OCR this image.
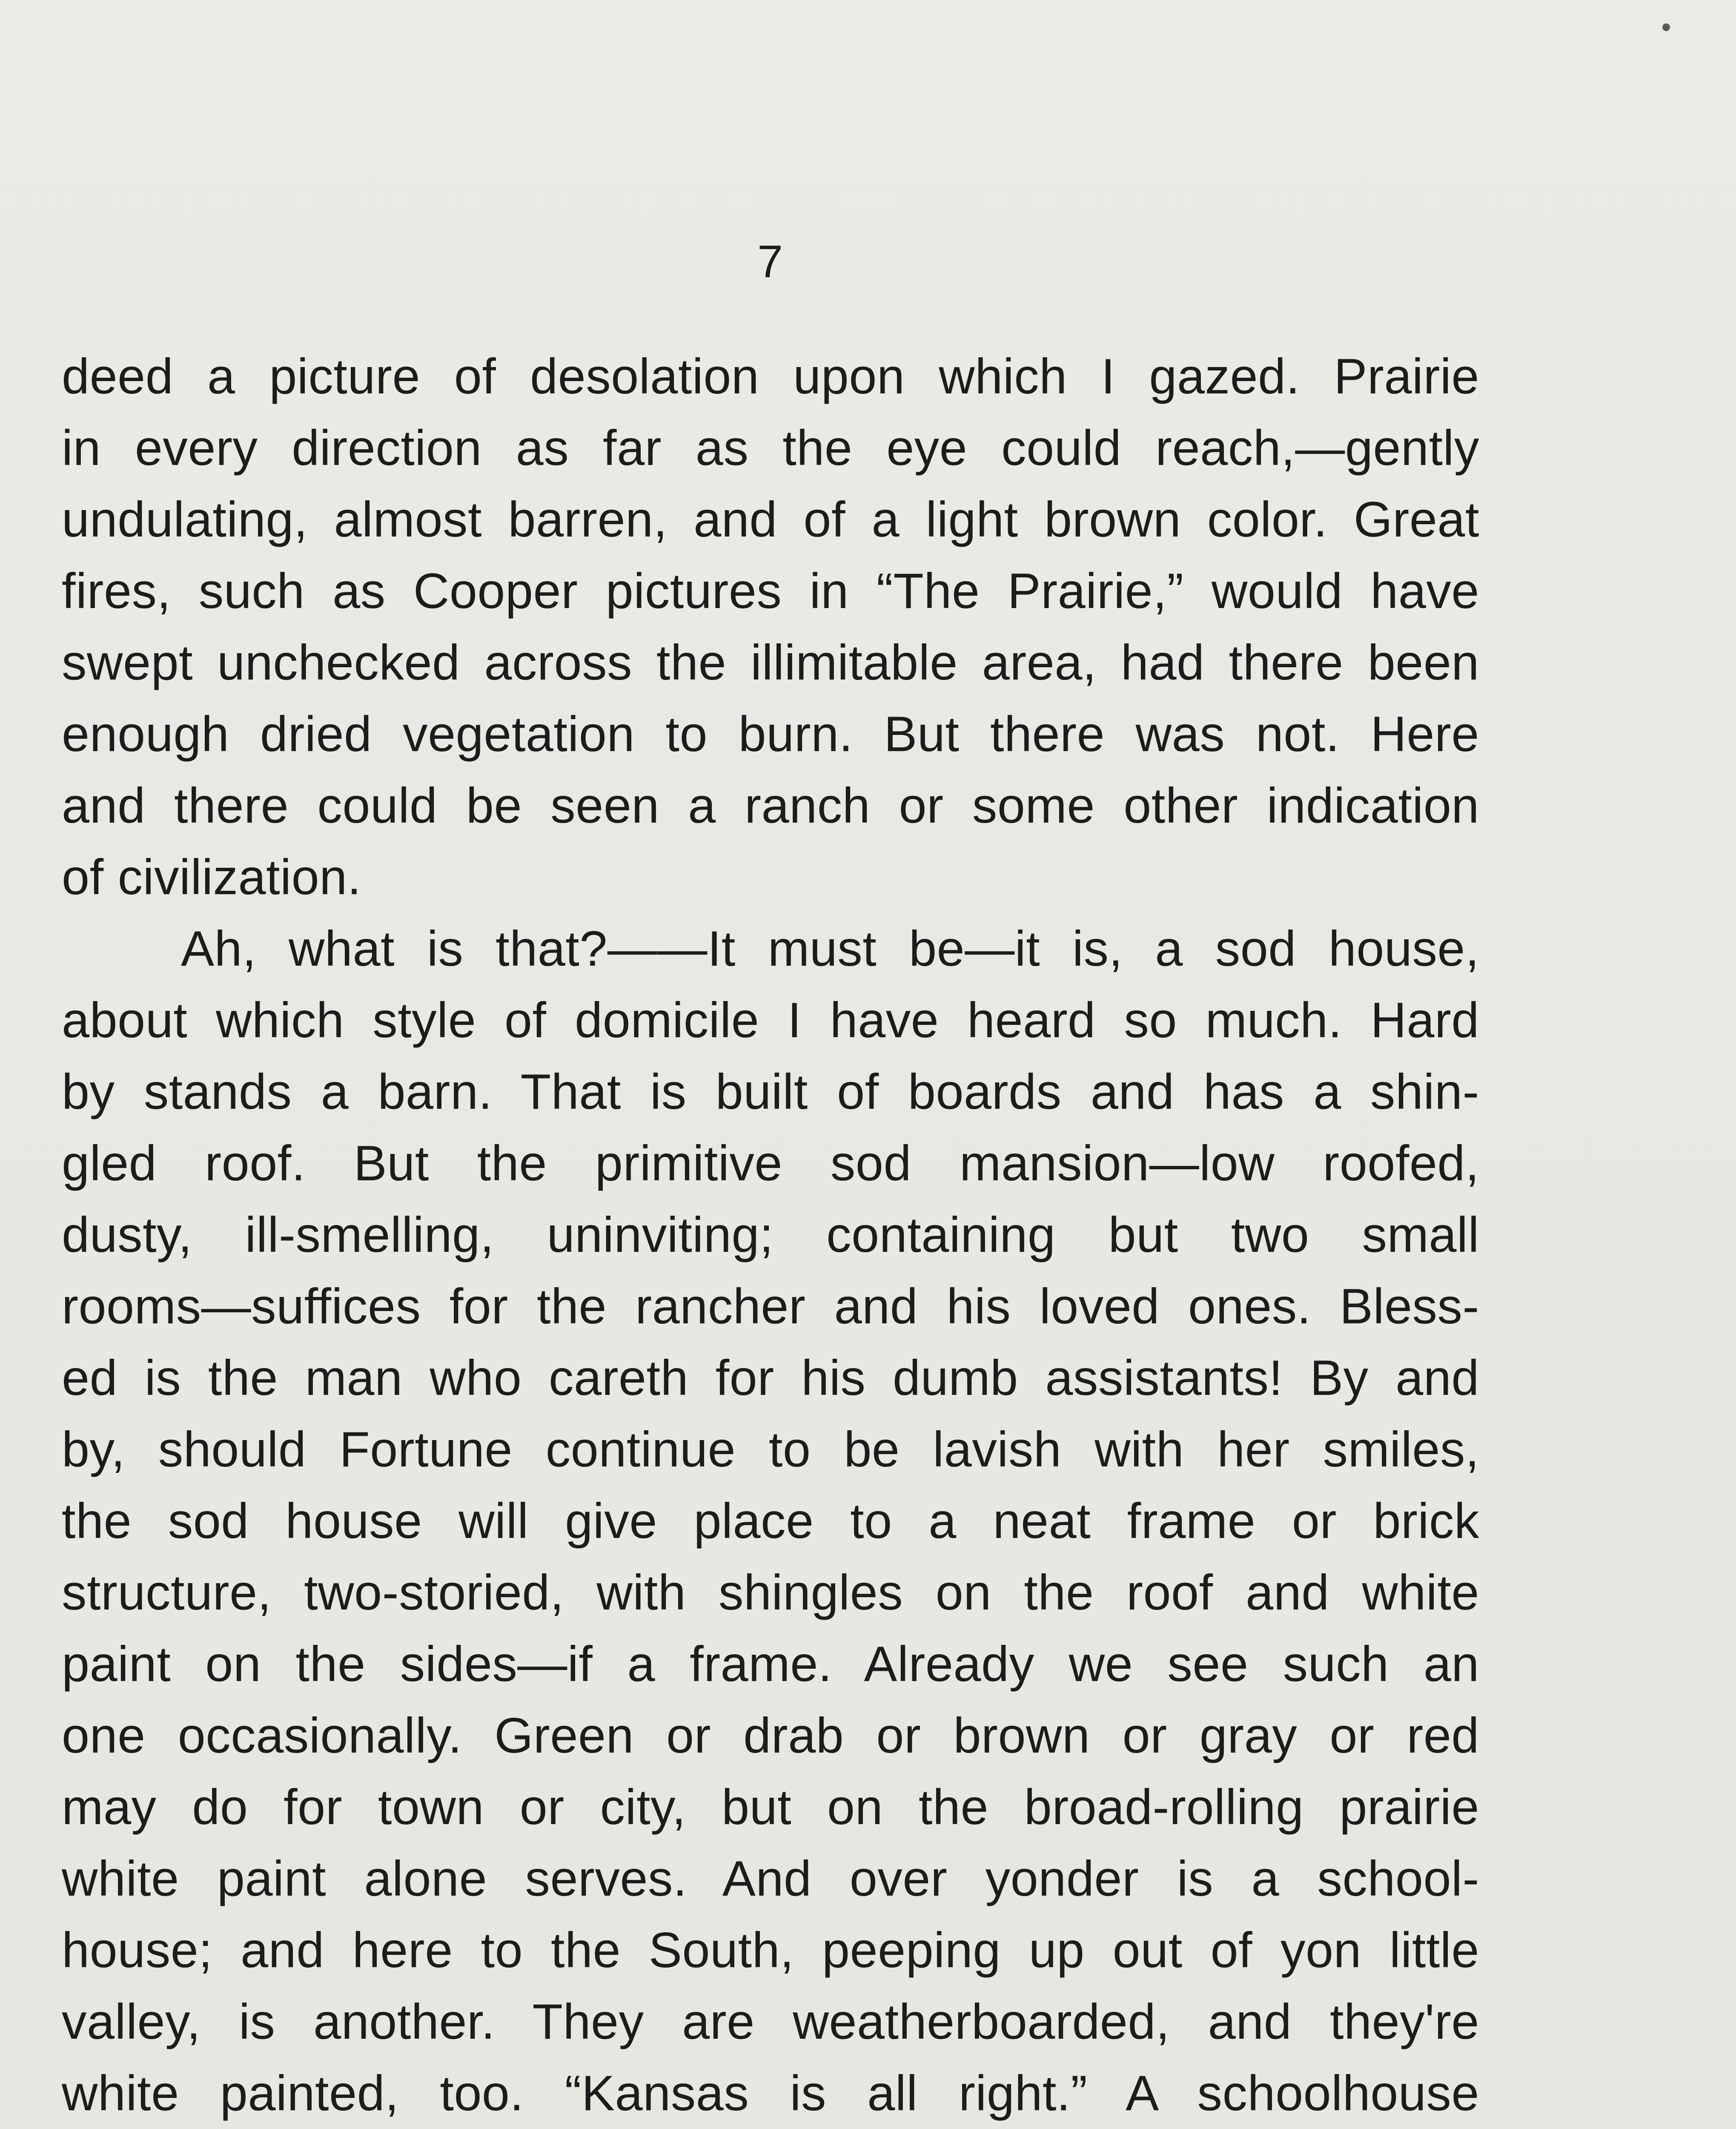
7
deed a picture of desolation upon which I gazed. Prairie
in every direction as far as the eye could reach,—gently
undulating, almost barren, and of a light brown color. Great
fires, such as Cooper pictures in “The Prairie,” would have
swept unchecked across the illimitable area, had there been
enough dried vegetation to burn. But there was not. Here
and there could be seen a ranch or some other indication
of civilization.
Ah, what is that?——It must be—it is, a sod house,
about which style of domicile I have heard so much. Hard
by stands a barn. That is built of boards and has a shin-
gled roof. But the primitive sod mansion—low roofed,
dusty, ill-smelling, uninviting; containing but two small
rooms—suffices for the rancher and his loved ones. Bless-
ed is the man who careth for his dumb assistants! By and
by, should Fortune continue to be lavish with her smiles,
the sod house will give place to a neat frame or brick
structure, two-storied, with shingles on the roof and white
paint on the sides—if a frame. Already we see such an
one occasionally. Green or drab or brown or gray or red
may do for town or city, but on the broad-rolling prairie
white paint alone serves. And over yonder is a school-
house; and here to the South, peeping up out of yon little
valley, is another. They are weatherboarded, and they're
white painted, too. “Kansas is all right.” A schoolhouse
